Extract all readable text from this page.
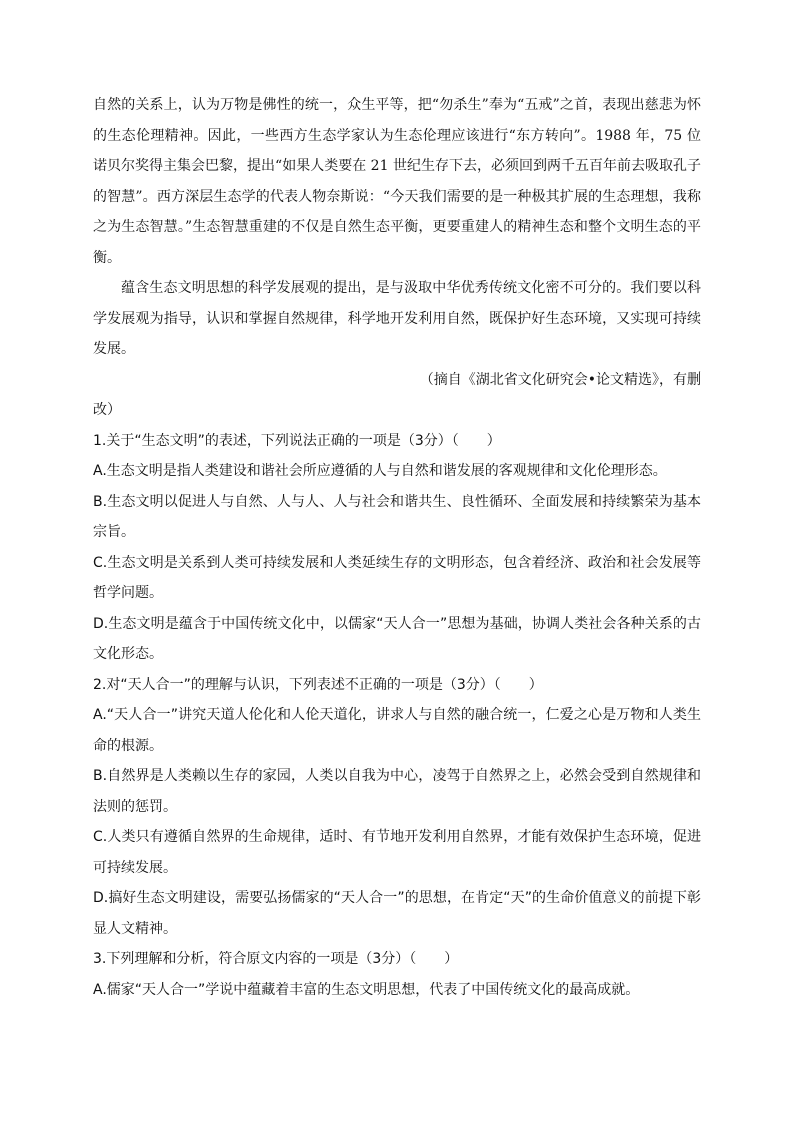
自然的关系上，认为万物是佛性的统一，众生平等，把“勿杀生”奉为“五戒”之首，表现出慈悲为怀的生态伦理精神。因此，一些西方生态学家认为生态伦理应该进行“东方转向”。1988 年，75 位诺贝尔奖得主集会巴黎，提出“如果人类要在 21 世纪生存下去，必须回到两千五百年前去吸取孔子的智慧”。西方深层生态学的代表人物奈斯说：“今天我们需要的是一种极其扩展的生态理想，我称之为生态智慧。”生态智慧重建的不仅是自然生态平衡，更要重建人的精神生态和整个文明生态的平衡。

蕴含生态文明思想的科学发展观的提出，是与汲取中华优秀传统文化密不可分的。我们要以科学发展观为指导，认识和掌握自然规律，科学地开发利用自然，既保护好生态环境，又实现可持续发展。

（摘自《湖北省文化研究会•论文精选》，有删

改）

1.关于“生态文明”的表述，下列说法正确的一项是（3分）（　　）

A.生态文明是指人类建设和谐社会所应遵循的人与自然和谐发展的客观规律和文化伦理形态。

B.生态文明以促进人与自然、人与人、人与社会和谐共生、良性循环、全面发展和持续繁荣为基本宗旨。

C.生态文明是关系到人类可持续发展和人类延续生存的文明形态，包含着经济、政治和社会发展等哲学问题。

D.生态文明是蕴含于中国传统文化中，以儒家“天人合一”思想为基础，协调人类社会各种关系的古文化形态。

2.对“天人合一”的理解与认识，下列表述不正确的一项是（3分）（　　）

A.“天人合一”讲究天道人伦化和人伦天道化，讲求人与自然的融合统一，仁爱之心是万物和人类生命的根源。

B.自然界是人类赖以生存的家园，人类以自我为中心，凌驾于自然界之上，必然会受到自然规律和法则的惩罚。

C.人类只有遵循自然界的生命规律，适时、有节地开发利用自然界，才能有效保护生态环境，促进可持续发展。

D.搞好生态文明建设，需要弘扬儒家的“天人合一”的思想，在肯定“天”的生命价值意义的前提下彰显人文精神。

3.下列理解和分析，符合原文内容的一项是（3分）（　　）

A.儒家“天人合一”学说中蕴藏着丰富的生态文明思想，代表了中国传统文化的最高成就。
